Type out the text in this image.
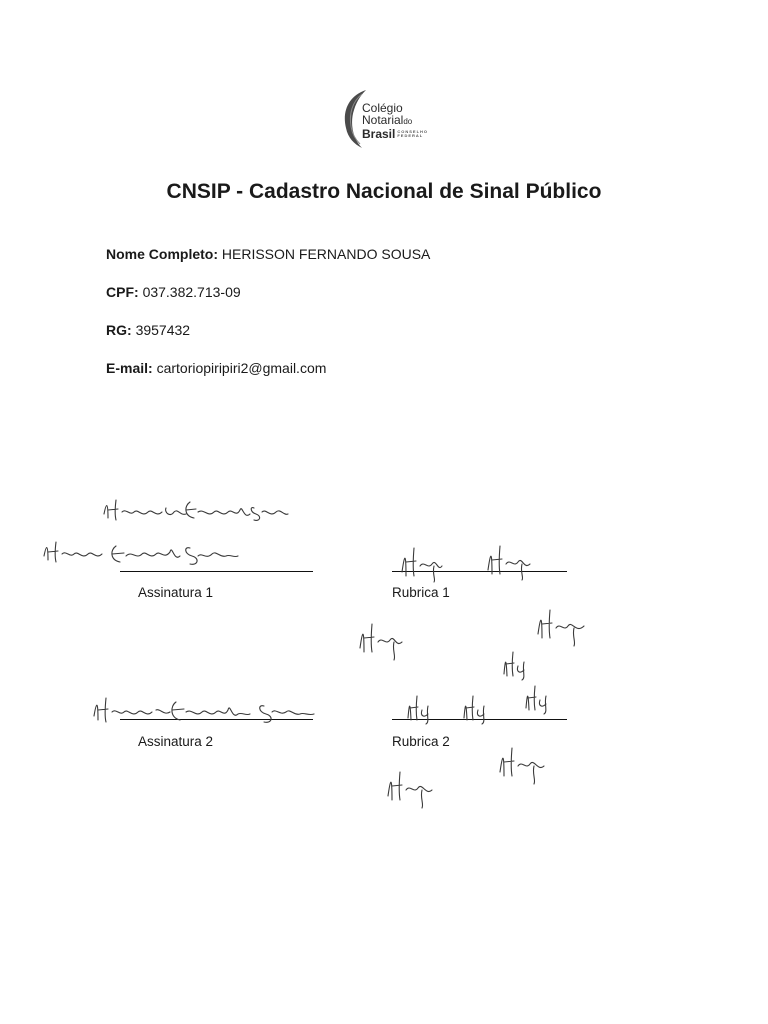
Colégio
Notarialdo
Brasil CONSELHO
FEDERAL
CNSIP - Cadastro Nacional de Sinal Público
Nome Completo: HERISSON FERNANDO SOUSA
CPF: 037.382.713-09
RG: 3957432
E-mail: cartoriopiripiri2@gmail.com
Assinatura 1	Rubrica 1
Assinatura 2	Rubrica 2
